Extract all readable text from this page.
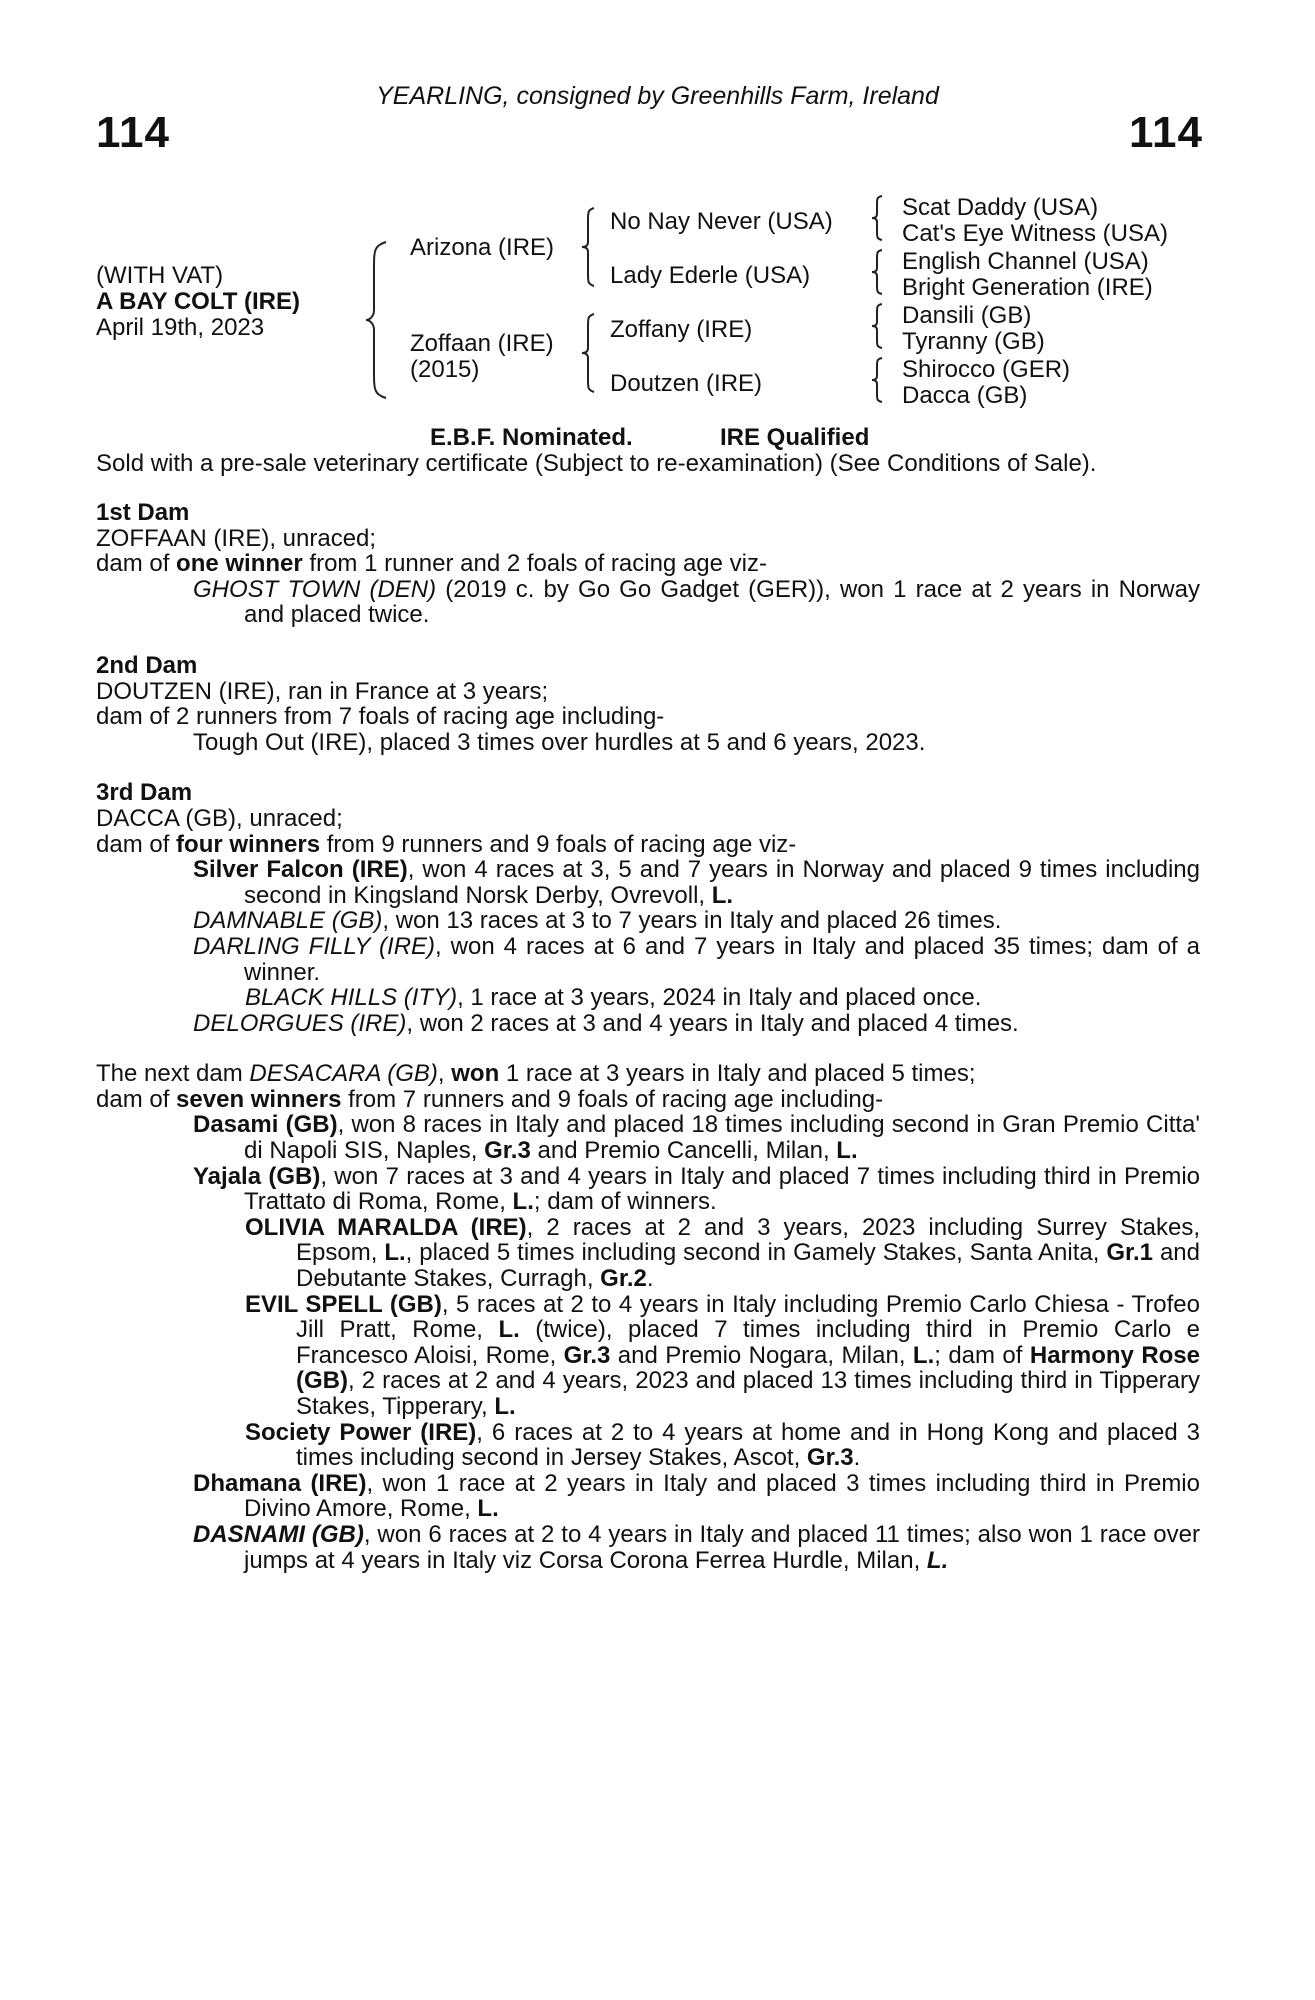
114	114
YEARLING, consigned by Greenhills Farm, Ireland
(WITH VAT)
A BAY COLT (IRE)
April 19th, 2023
Arizona (IRE)
Zoffaan (IRE)
(2015)
No Nay Never (USA)
Lady Ederle (USA)
Zoffany (IRE)
Doutzen (IRE)
Scat Daddy (USA)
Cat's Eye Witness (USA)
English Channel (USA)
Bright Generation (IRE)
Dansili (GB)
Tyranny (GB)
Shirocco (GER)
Dacca (GB)
E.B.F. Nominated.	IRE Qualified
Sold with a pre-sale veterinary certificate (Subject to re-examination) (See Conditions of Sale).

1st Dam

ZOFFAAN (IRE), unraced;

dam of one winner from 1 runner and 2 foals of racing age viz-

GHOST TOWN (DEN) (2019 c. by Go Go Gadget (GER)), won 1 race at 2 years in Norway and placed twice.

2nd Dam

DOUTZEN (IRE), ran in France at 3 years;

dam of 2 runners from 7 foals of racing age including-

Tough Out (IRE), placed 3 times over hurdles at 5 and 6 years, 2023.

3rd Dam

DACCA (GB), unraced;

dam of four winners from 9 runners and 9 foals of racing age viz-

Silver Falcon (IRE), won 4 races at 3, 5 and 7 years in Norway and placed 9 times including second in Kingsland Norsk Derby, Ovrevoll, L.

DAMNABLE (GB), won 13 races at 3 to 7 years in Italy and placed 26 times.

DARLING FILLY (IRE), won 4 races at 6 and 7 years in Italy and placed 35 times; dam of a winner.

BLACK HILLS (ITY), 1 race at 3 years, 2024 in Italy and placed once.

DELORGUES (IRE), won 2 races at 3 and 4 years in Italy and placed 4 times.

The next dam DESACARA (GB), won 1 race at 3 years in Italy and placed 5 times;

dam of seven winners from 7 runners and 9 foals of racing age including-

Dasami (GB), won 8 races in Italy and placed 18 times including second in Gran Premio Citta' di Napoli SIS, Naples, Gr.3 and Premio Cancelli, Milan, L.

Yajala (GB), won 7 races at 3 and 4 years in Italy and placed 7 times including third in Premio Trattato di Roma, Rome, L.; dam of winners.

OLIVIA MARALDA (IRE), 2 races at 2 and 3 years, 2023 including Surrey Stakes, Epsom, L., placed 5 times including second in Gamely Stakes, Santa Anita, Gr.1 and Debutante Stakes, Curragh, Gr.2.

EVIL SPELL (GB), 5 races at 2 to 4 years in Italy including Premio Carlo Chiesa - Trofeo Jill Pratt, Rome, L. (twice), placed 7 times including third in Premio Carlo e Francesco Aloisi, Rome, Gr.3 and Premio Nogara, Milan, L.; dam of Harmony Rose (GB), 2 races at 2 and 4 years, 2023 and placed 13 times including third in Tipperary Stakes, Tipperary, L.

Society Power (IRE), 6 races at 2 to 4 years at home and in Hong Kong and placed 3 times including second in Jersey Stakes, Ascot, Gr.3.

Dhamana (IRE), won 1 race at 2 years in Italy and placed 3 times including third in Premio Divino Amore, Rome, L.

DASNAMI (GB), won 6 races at 2 to 4 years in Italy and placed 11 times; also won 1 race over jumps at 4 years in Italy viz Corsa Corona Ferrea Hurdle, Milan, L.
